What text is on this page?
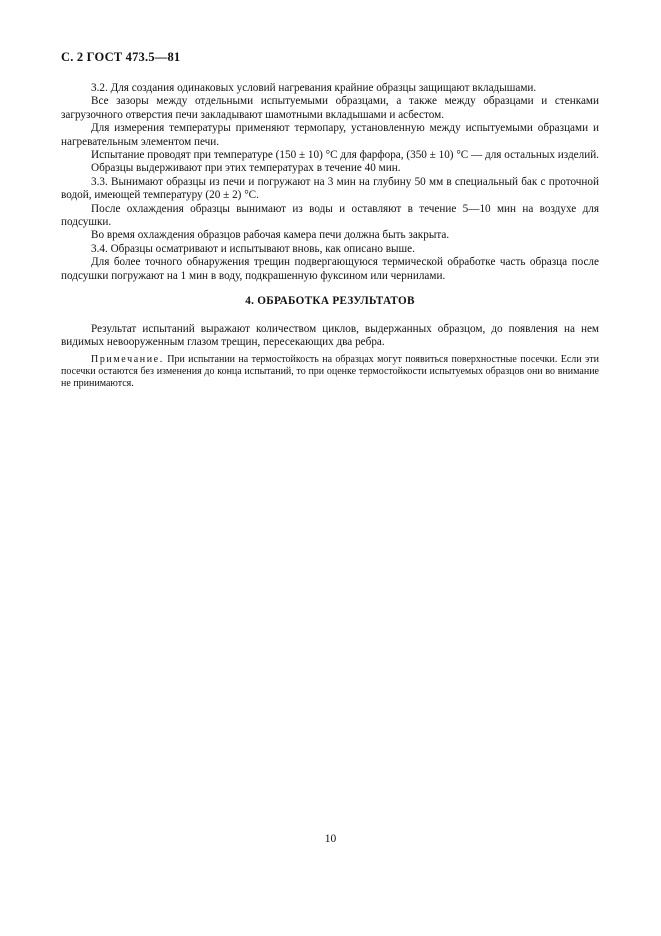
С. 2 ГОСТ 473.5—81

3.2. Для создания одинаковых условий нагревания крайние образцы защищают вкладышами.

Все зазоры между отдельными испытуемыми образцами, а также между образцами и стенками загрузочного отверстия печи закладывают шамотными вкладышами и асбестом.

Для измерения температуры применяют термопару, установленную между испытуемыми образцами и нагревательным элементом печи.

Испытание проводят при температуре (150 ± 10) °С для фарфора, (350 ± 10) °С — для остальных изделий.

Образцы выдерживают при этих температурах в течение 40 мин.

3.3. Вынимают образцы из печи и погружают на 3 мин на глубину 50 мм в специальный бак с проточной водой, имеющей температуру (20 ± 2) °С.

После охлаждения образцы вынимают из воды и оставляют в течение 5—10 мин на воздухе для подсушки.

Во время охлаждения образцов рабочая камера печи должна быть закрыта.

3.4. Образцы осматривают и испытывают вновь, как описано выше.

Для более точного обнаружения трещин подвергающуюся термической обработке часть образца после подсушки погружают на 1 мин в воду, подкрашенную фуксином или чернилами.

4. ОБРАБОТКА РЕЗУЛЬТАТОВ

Результат испытаний выражают количеством циклов, выдержанных образцом, до появления на нем видимых невооруженным глазом трещин, пересекающих два ребра.

Примечание. При испытании на термостойкость на образцах могут появиться поверхностные посечки. Если эти посечки остаются без изменения до конца испытаний, то при оценке термостойкости испытуемых образцов они во внимание не принимаются.
10
